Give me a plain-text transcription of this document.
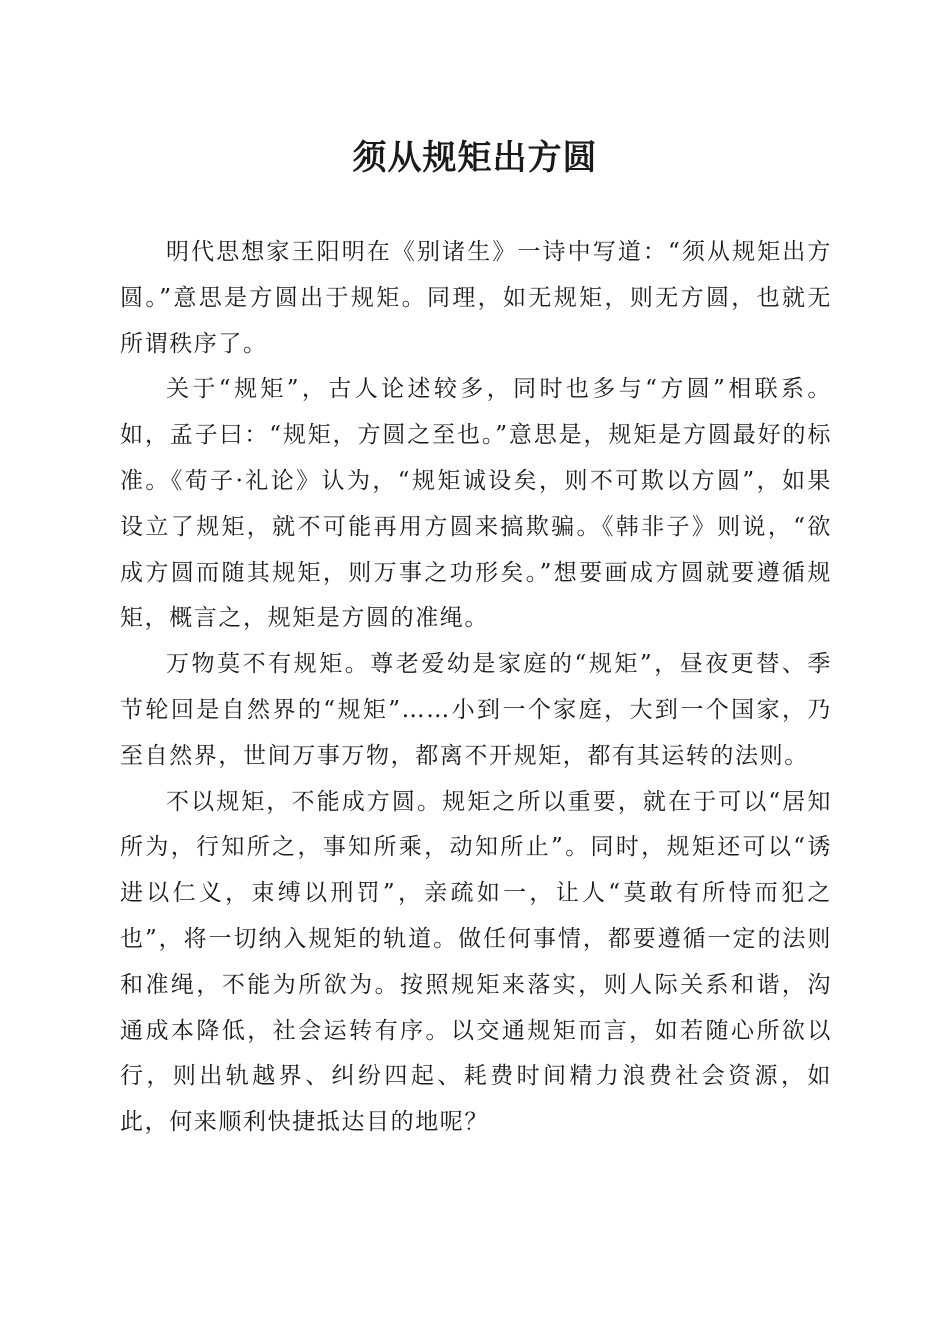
须从规矩出方圆

明代思想家王阳明在《别诸生》一诗中写道：“须从规矩出方圆。”意思是方圆出于规矩。同理，如无规矩，则无方圆，也就无所谓秩序了。

关于“规矩”，古人论述较多，同时也多与“方圆”相联系。如，孟子曰：“规矩，方圆之至也。”意思是，规矩是方圆最好的标准。《荀子·礼论》认为，“规矩诚设矣，则不可欺以方圆”，如果设立了规矩，就不可能再用方圆来搞欺骗。《韩非子》则说，“欲成方圆而随其规矩，则万事之功形矣。”想要画成方圆就要遵循规矩，概言之，规矩是方圆的准绳。

万物莫不有规矩。尊老爱幼是家庭的“规矩”，昼夜更替、季节轮回是自然界的“规矩”……小到一个家庭，大到一个国家，乃至自然界，世间万事万物，都离不开规矩，都有其运转的法则。

不以规矩，不能成方圆。规矩之所以重要，就在于可以“居知所为，行知所之，事知所乘，动知所止”。同时，规矩还可以“诱进以仁义，束缚以刑罚”，亲疏如一，让人“莫敢有所恃而犯之也”，将一切纳入规矩的轨道。做任何事情，都要遵循一定的法则和准绳，不能为所欲为。按照规矩来落实，则人际关系和谐，沟通成本降低，社会运转有序。以交通规矩而言，如若随心所欲以行，则出轨越界、纠纷四起、耗费时间精力浪费社会资源，如此，何来顺利快捷抵达目的地呢？
